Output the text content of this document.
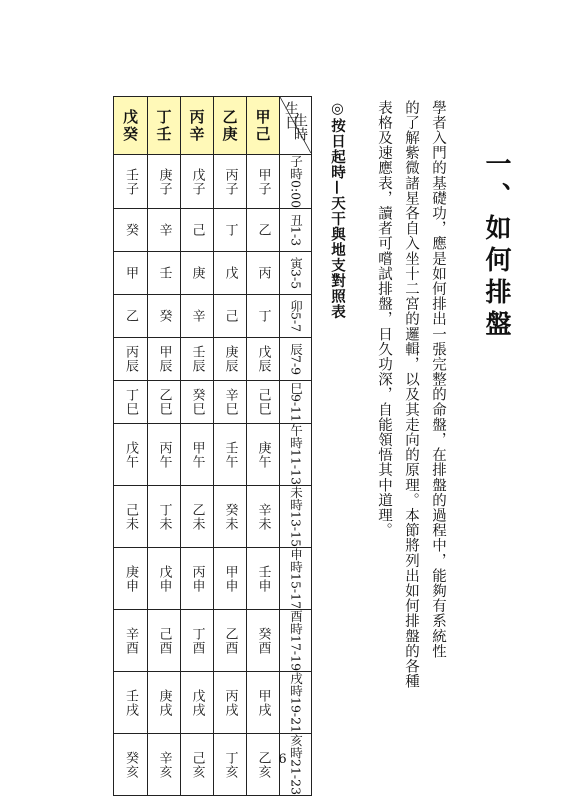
一、如何排盤
學者入門的基礎功，應是如何排出一張完整的命盤，在排盤的過程中，能夠有系統性
的了解紫微諸星各自入坐十二宮的邏輯，以及其走向的原理。本節將列出如何排盤的各種
表格及速應表，讀者可嚐試排盤，日久功深，自能領悟其中道理。
◎按日起時—天干與地支對照表
戊癸	丁壬	丙辛	乙庚	甲己	生時
生日

壬子	庚子	戊子	丙子	甲子	子時0:00
癸	辛	己	丁	乙	丑1-3
甲	壬	庚	戊	丙	寅3-5
乙	癸	辛	己	丁	卯5-7
丙辰	甲辰	壬辰	庚辰	戊辰	辰7-9
丁巳	乙巳	癸巳	辛巳	己巳	巳9-11
戊午	丙午	甲午	壬午	庚午	午時11-13
己未	丁未	乙未	癸未	辛未	未時13-15
庚申	戊申	丙申	甲申	壬申	申時15-17
辛酉	己酉	丁酉	乙酉	癸酉	酉時17-19
壬戌	庚戌	戊戌	丙戌	甲戌	戌時19-21
癸亥	辛亥	己亥	丁亥	乙亥	亥時21-23
6
